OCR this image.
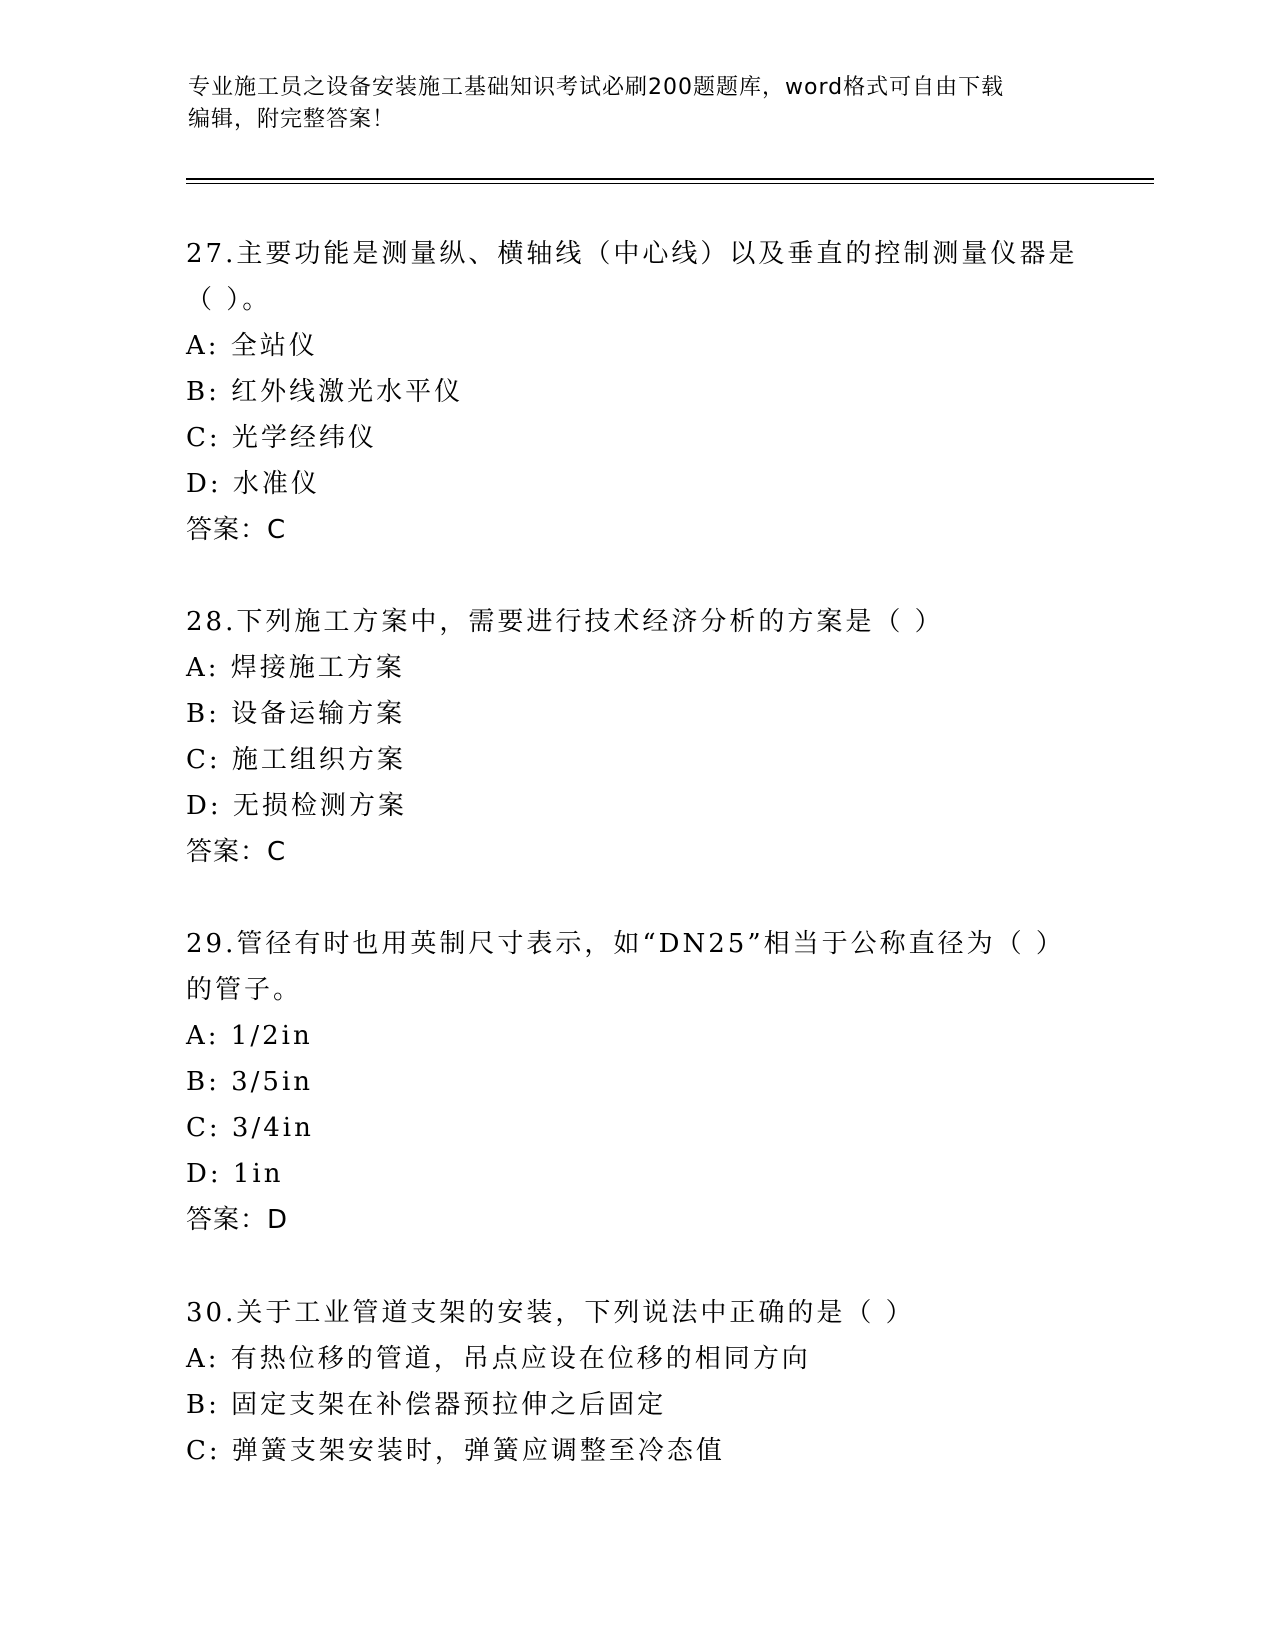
专业施工员之设备安装施工基础知识考试必刷200题题库，word格式可自由下载
编辑，附完整答案！
27.主要功能是测量纵、横轴线（中心线）以及垂直的控制测量仪器是
（ ）。
A: 全站仪
B: 红外线激光水平仪
C: 光学经纬仪
D: 水准仪
答案：C
28.下列施工方案中，需要进行技术经济分析的方案是（ ）
A: 焊接施工方案
B: 设备运输方案
C: 施工组织方案
D: 无损检测方案
答案：C
29.管径有时也用英制尺寸表示，如“DN25”相当于公称直径为（ ）
的管子。
A: 1/2in
B: 3/5in
C: 3/4in
D: 1in
答案：D
30.关于工业管道支架的安装，下列说法中正确的是（ ）
A: 有热位移的管道，吊点应设在位移的相同方向
B: 固定支架在补偿器预拉伸之后固定
C: 弹簧支架安装时，弹簧应调整至冷态值
